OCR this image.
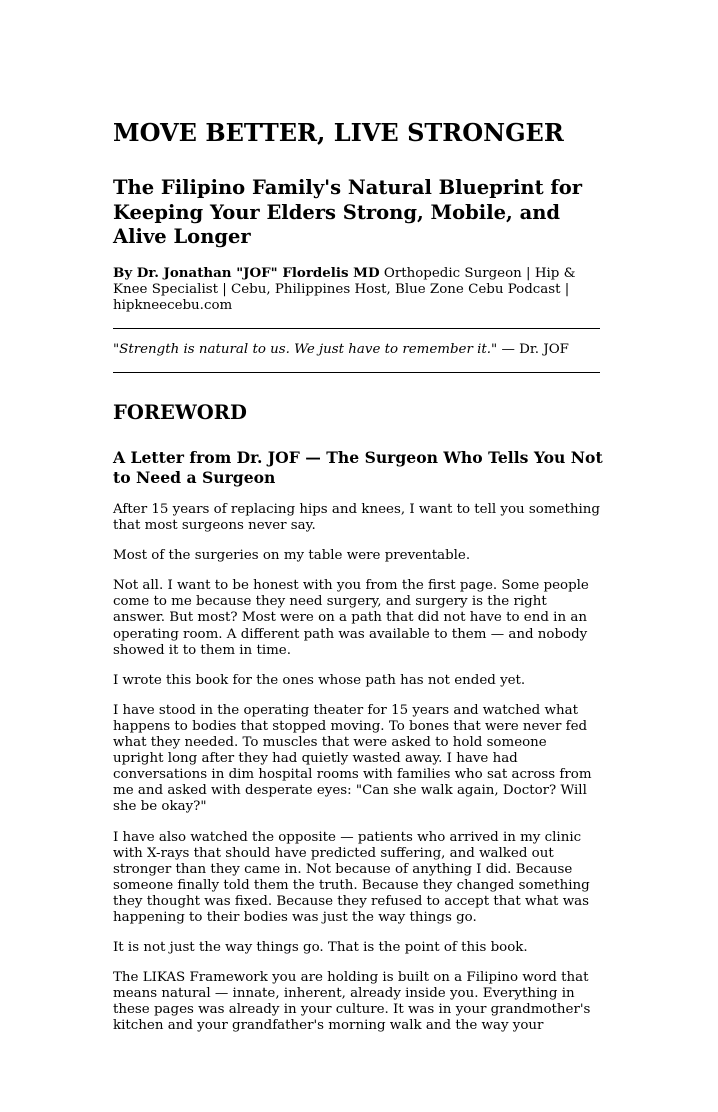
MOVE BETTER, LIVE STRONGER
The Filipino Family's Natural Blueprint for Keeping Your Elders Strong, Mobile, and Alive Longer

By Dr. Jonathan "JOF" Flordelis MD Orthopedic Surgeon | Hip & Knee Specialist | Cebu, Philippines Host, Blue Zone Cebu Podcast | hipkneecebu.com

"Strength is natural to us. We just have to remember it." — Dr. JOF

FOREWORD
A Letter from Dr. JOF — The Surgeon Who Tells You Not to Need a Surgeon

After 15 years of replacing hips and knees, I want to tell you something that most surgeons never say.

Most of the surgeries on my table were preventable.

Not all. I want to be honest with you from the first page. Some people come to me because they need surgery, and surgery is the right answer. But most? Most were on a path that did not have to end in an operating room. A different path was available to them — and nobody showed it to them in time.

I wrote this book for the ones whose path has not ended yet.

I have stood in the operating theater for 15 years and watched what happens to bodies that stopped moving. To bones that were never fed what they needed. To muscles that were asked to hold someone upright long after they had quietly wasted away. I have had conversations in dim hospital rooms with families who sat across from me and asked with desperate eyes: "Can she walk again, Doctor? Will she be okay?"

I have also watched the opposite — patients who arrived in my clinic with X-rays that should have predicted suffering, and walked out stronger than they came in. Not because of anything I did. Because someone finally told them the truth. Because they changed something they thought was fixed. Because they refused to accept that what was happening to their bodies was just the way things go.

It is not just the way things go. That is the point of this book.

The LIKAS Framework you are holding is built on a Filipino word that means natural — innate, inherent, already inside you. Everything in these pages was already in your culture. It was in your grandmother's kitchen and your grandfather's morning walk and the way your
